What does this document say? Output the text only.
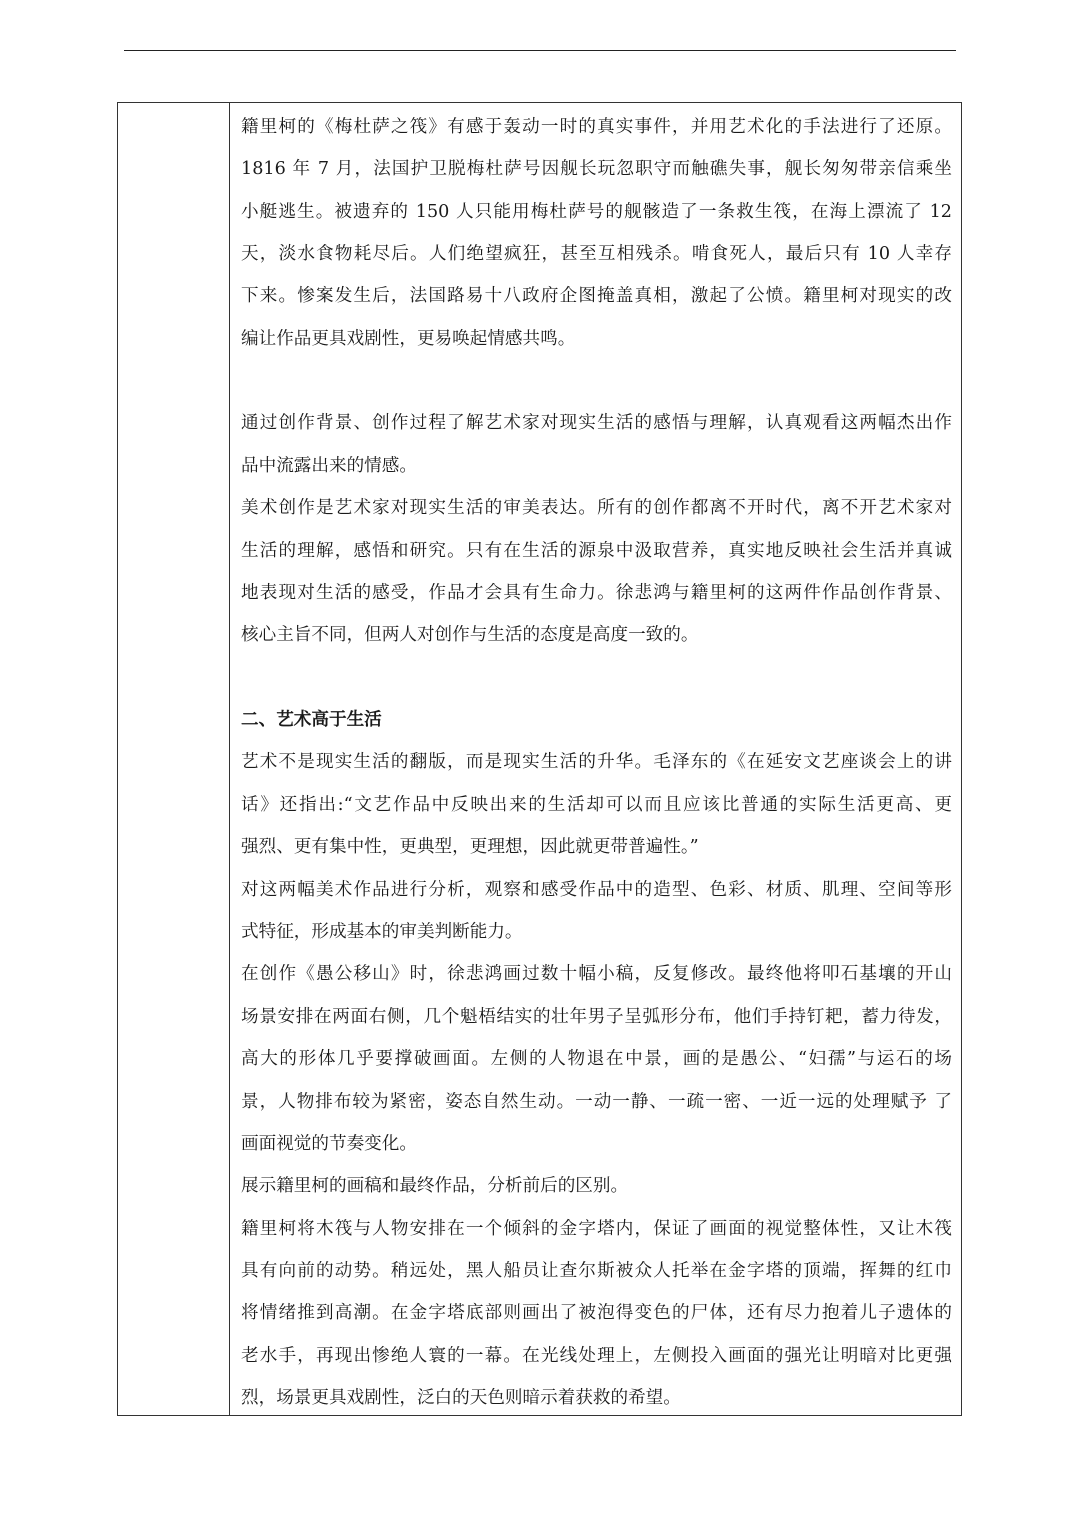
籍里柯的《梅杜萨之筏》有感于轰动一时的真实事件，并用艺术化的手法进行了还原。
1816 年 7 月，法国护卫脱梅杜萨号因舰长玩忽职守而触礁失事，舰长匆匆带亲信乘坐
小艇逃生。被遗弃的 150 人只能用梅杜萨号的舰骸造了一条救生筏，在海上漂流了 12
天，淡水食物耗尽后。人们绝望疯狂，甚至互相残杀。啃食死人，最后只有 10 人幸存
下来。惨案发生后，法国路易十八政府企图掩盖真相，激起了公愤。籍里柯对现实的改
编让作品更具戏剧性，更易唤起情感共鸣。
通过创作背景、创作过程了解艺术家对现实生活的感悟与理解，认真观看这两幅杰出作
品中流露出来的情感。
美术创作是艺术家对现实生活的审美表达。所有的创作都离不开时代，离不开艺术家对
生活的理解，感悟和研究。只有在生活的源泉中汲取营养，真实地反映社会生活并真诚
地表现对生活的感受，作品才会具有生命力。徐悲鸿与籍里柯的这两件作品创作背景、
核心主旨不同，但两人对创作与生活的态度是高度一致的。
二、艺术高于生活
艺术不是现实生活的翻版，而是现实生活的升华。毛泽东的《在延安文艺座谈会上的讲
话》还指出:“文艺作品中反映出来的生活却可以而且应该比普通的实际生活更高、更
强烈、更有集中性，更典型，更理想，因此就更带普遍性。”
对这两幅美术作品进行分析，观察和感受作品中的造型、色彩、材质、肌理、空间等形
式特征，形成基本的审美判断能力。
在创作《愚公移山》时，徐悲鸿画过数十幅小稿，反复修改。最终他将叩石基壤的开山
场景安排在两面右侧，几个魁梧结实的壮年男子呈弧形分布，他们手持钉耙，蓄力待发，
高大的形体几乎要撑破画面。左侧的人物退在中景，画的是愚公、“妇孺”与运石的场
景，人物排布较为紧密，姿态自然生动。一动一静、一疏一密、一近一远的处理赋予 了
画面视觉的节奏变化。
展示籍里柯的画稿和最终作品，分析前后的区别。
籍里柯将木筏与人物安排在一个倾斜的金字塔内，保证了画面的视觉整体性，又让木筏
具有向前的动势。稍远处，黑人船员让查尔斯被众人托举在金字塔的顶端，挥舞的红巾
将情绪推到高潮。在金字塔底部则画出了被泡得变色的尸体，还有尽力抱着儿子遗体的
老水手，再现出惨绝人寰的一幕。在光线处理上，左侧投入画面的强光让明暗对比更强
烈，场景更具戏剧性，泛白的天色则暗示着获救的希望。
